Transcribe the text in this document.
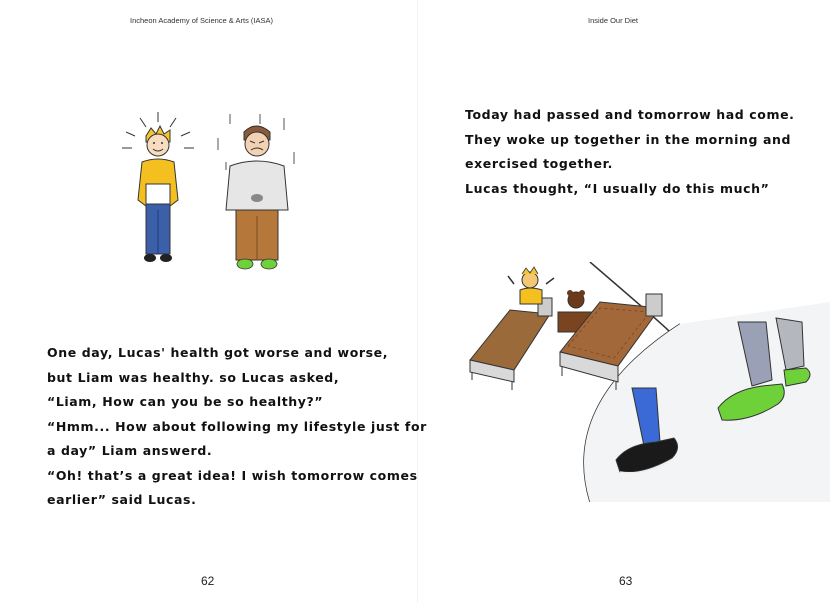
Incheon Academy of Science & Arts (IASA)
One day, Lucas' health got worse and worse,
but Liam was healthy. so Lucas asked,
“Liam, How can you be so healthy?”
“Hmm... How about following my lifestyle just for
a day” Liam answerd.
“Oh! that’s a great idea! I wish tomorrow comes
earlier” said Lucas.
62
Inside Our Diet
Today had passed and tomorrow had come.
They woke up together in the morning and
exercised together.
Lucas thought, “I usually do this much”
63
